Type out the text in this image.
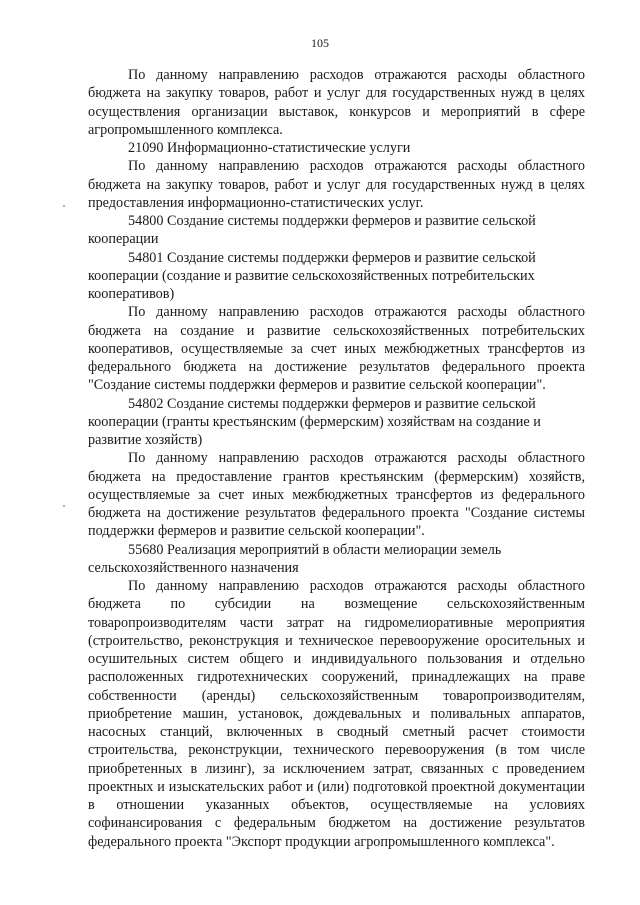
105

По данному направлению расходов отражаются расходы областного бюджета на закупку товаров, работ и услуг для государственных нужд в целях осуществления организации выставок, конкурсов и мероприятий в сфере агропромышленного комплекса.

21090 Информационно-статистические услуги

По данному направлению расходов отражаются расходы областного бюджета на закупку товаров, работ и услуг для государственных нужд в целях предоставления информационно-статистических услуг.

54800 Создание системы поддержки фермеров и развитие сельской кооперации

54801 Создание системы поддержки фермеров и развитие сельской кооперации (создание и развитие сельскохозяйственных потребительских кооперативов)

По данному направлению расходов отражаются расходы областного бюджета на создание и развитие сельскохозяйственных потребительских кооперативов, осуществляемые за счет иных межбюджетных трансфертов из федерального бюджета на достижение результатов федерального проекта "Создание системы поддержки фермеров и развитие сельской кооперации".

54802 Создание системы поддержки фермеров и развитие сельской кооперации (гранты крестьянским (фермерским) хозяйствам на создание и развитие хозяйств)

По данному направлению расходов отражаются расходы областного бюджета на предоставление грантов крестьянским (фермерским) хозяйств, осуществляемые за счет иных межбюджетных трансфертов из федерального бюджета на достижение результатов федерального проекта "Создание системы поддержки фермеров и развитие сельской кооперации".

55680 Реализация мероприятий в области мелиорации земель сельскохозяйственного назначения

По данному направлению расходов отражаются расходы областного бюджета по субсидии на возмещение сельскохозяйственным товаропроизводителям части затрат на гидромелиоративные мероприятия (строительство, реконструкция и техническое перевооружение оросительных и осушительных систем общего и индивидуального пользования и отдельно расположенных гидротехнических сооружений, принадлежащих на праве собственности (аренды) сельскохозяйственным товаропроизводителям, приобретение машин, установок, дождевальных и поливальных аппаратов, насосных станций, включенных в сводный сметный расчет стоимости строительства, реконструкции, технического перевооружения (в том числе приобретенных в лизинг), за исключением затрат, связанных с проведением проектных и изыскательских работ и (или) подготовкой проектной документации в отношении указанных объектов, осуществляемые на условиях софинансирования с федеральным бюджетом на достижение результатов федерального проекта "Экспорт продукции агропромышленного комплекса".
